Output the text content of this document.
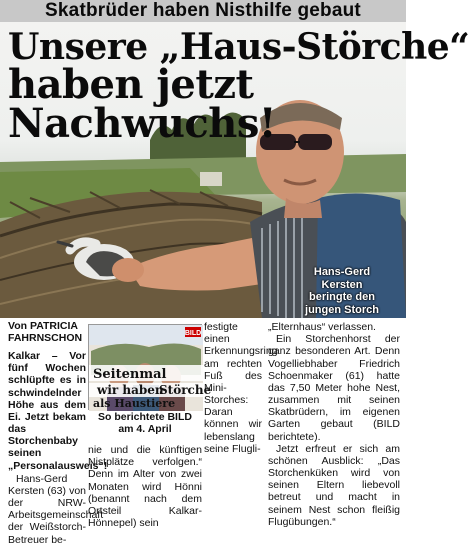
Skatbrüder haben Nisthilfe gebaut
Unsere „Haus-Störche“
haben jetzt
Nachwuchs!
Hans-Gerd
Kersten
beringte den
jungen Storch
Von PATRICIA
FAHRNSCHON
Kalkar – Vor fünf Wochen schlüpfte es in schwindelnder Höhe aus dem Ei. Jetzt bekam das Storchenbaby seinen „Personalausweis“!
Hans-Gerd Kersten (63) von der NRW-Arbeitsgemeinschaft der Weißstorch-Betreuer be-
BILD
Seitenmal
wir haben
Störche
als Haustiere
So berichtete BILD
am 4. April
festigte einen Erkennungsring am rechten Fuß des Mini-Storches: Daran können wir lebenslang seine Flugli-
nie und die künftigen Nistplätze verfolgen.“ Denn im Alter von zwei Monaten wird Hönni (benannt nach dem Ortsteil Kalkar-Hönnepel) sein

„Elternhaus“ verlassen.

Ein Storchenhorst der ganz besonderen Art. Denn Vogelliebhaber Friedrich Schoenmaker (61) hatte das 7,50 Meter hohe Nest, zusammen mit seinen Skatbrüdern, im eigenen Garten gebaut (BILD berichtete).

Jetzt erfreut er sich am schönen Ausblick: „Das Storchenküken wird von seinen Eltern liebevoll betreut und macht in seinem Nest schon fleißig Flugübungen.“
